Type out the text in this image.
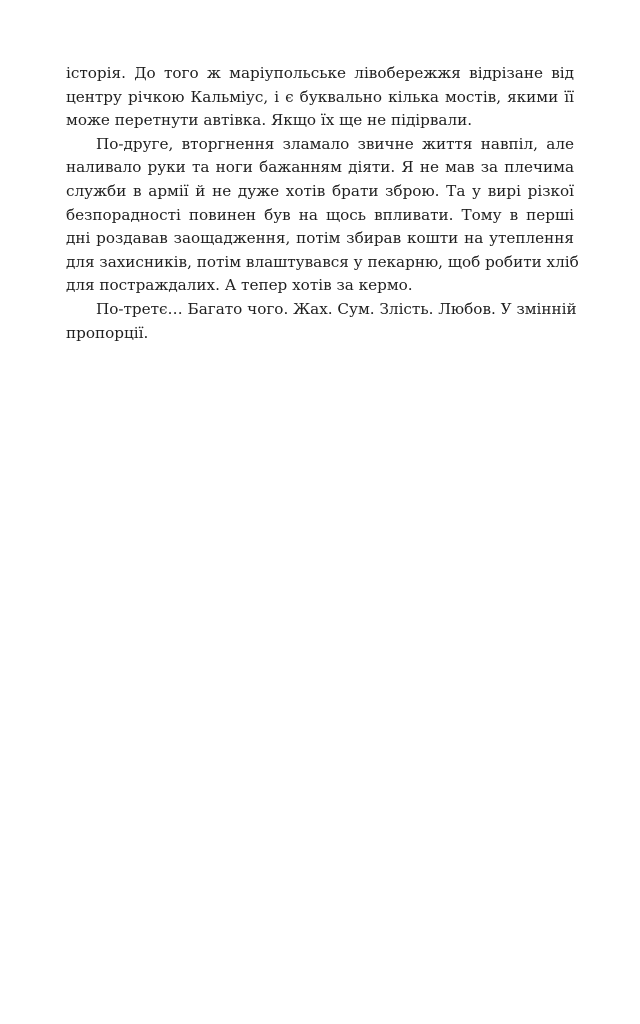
історія. До того ж маріупольське лівобережжя відрізане від
центру річкою Кальміус, і є буквально кілька мостів, якими її
може перетнути автівка. Якщо їх ще не підірвали.
По-друге, вторгнення зламало звичне життя навпіл, але
наливало руки та ноги бажанням діяти. Я не мав за плечима
служби в армії й не дуже хотів брати зброю. Та у вирі різкої
безпорадності повинен був на щось впливати. Тому в перші
дні роздавав заощадження, потім збирав кошти на утеплення
для захисників, потім влаштувався у пекарню, щоб робити хліб
для постраждалих. А тепер хотів за кермо.
По-третє… Багато чого. Жах. Сум. Злість. Любов. У змінній
пропорції.
